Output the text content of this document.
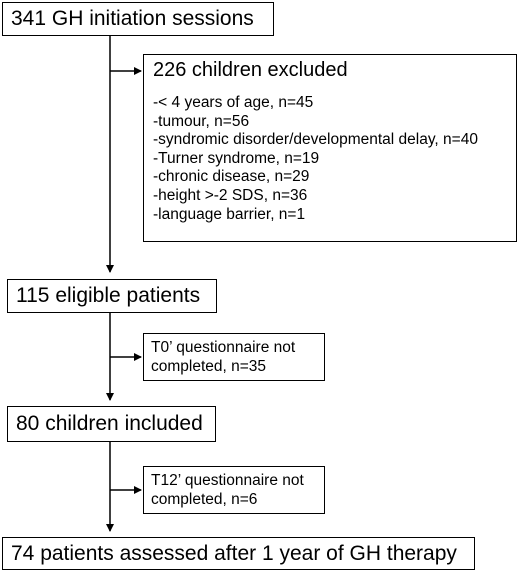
341 GH initiation sessions
226 children excluded
-< 4 years of age, n=45
-tumour, n=56
-syndromic disorder/developmental delay, n=40
-Turner syndrome, n=19
-chronic disease, n=29
-height >-2 SDS, n=36
-language barrier, n=1
115 eligible patients
T0’ questionnaire not
completed, n=35
80 children included
T12’ questionnaire not
completed, n=6
74 patients assessed after 1 year of GH therapy
